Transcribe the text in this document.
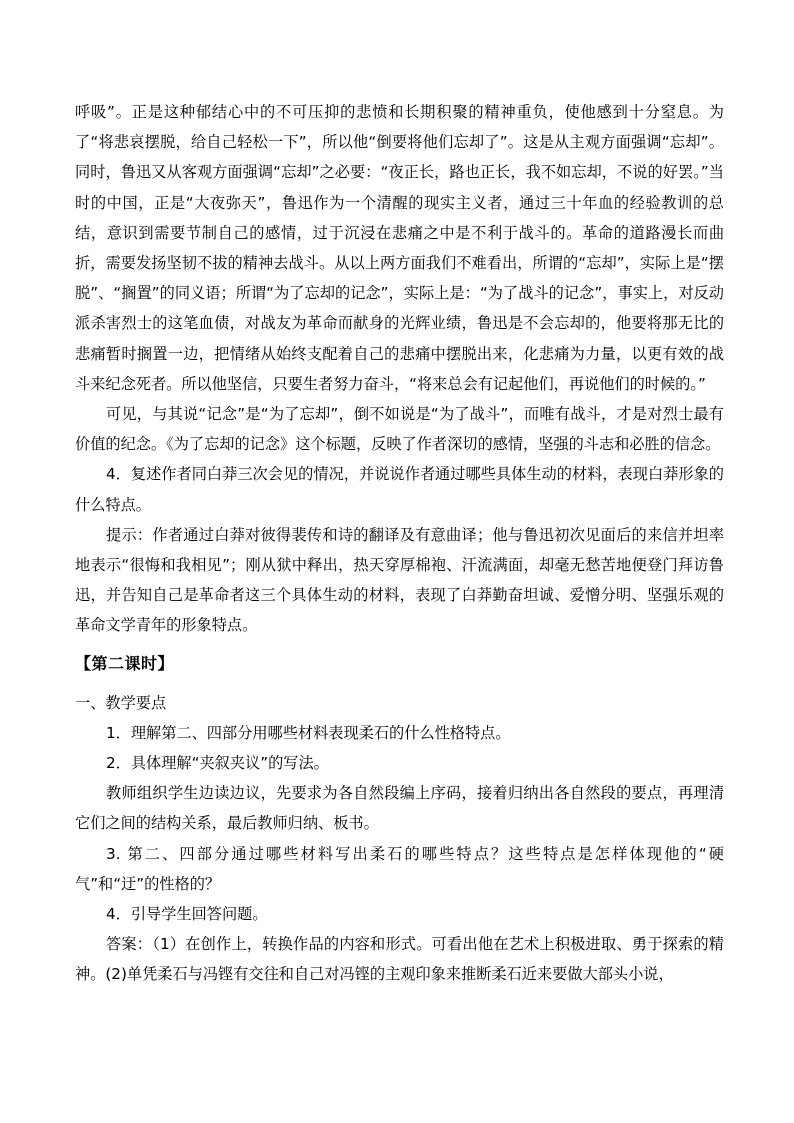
呼吸”。正是这种郁结心中的不可压抑的悲愤和长期积聚的精神重负，使他感到十分窒息。为了“将悲哀摆脱，给自己轻松一下”，所以他“倒要将他们忘却了”。这是从主观方面强调“忘却”。同时，鲁迅又从客观方面强调“忘却”之必要：“夜正长，路也正长，我不如忘却，不说的好罢。”当时的中国，正是“大夜弥天”，鲁迅作为一个清醒的现实主义者，通过三十年血的经验教训的总结，意识到需要节制自己的感情，过于沉浸在悲痛之中是不利于战斗的。革命的道路漫长而曲折，需要发扬坚韧不拔的精神去战斗。从以上两方面我们不难看出，所谓的“忘却”，实际上是“摆脱”、“搁置”的同义语；所谓“为了忘却的记念”，实际上是：“为了战斗的记念”，事实上，对反动派杀害烈士的这笔血债，对战友为革命而献身的光辉业绩，鲁迅是不会忘却的，他要将那无比的悲痛暂时搁置一边，把情绪从始终支配着自己的悲痛中摆脱出来，化悲痛为力量，以更有效的战斗来纪念死者。所以他坚信，只要生者努力奋斗，“将来总会有记起他们，再说他们的时候的。”

可见，与其说“记念”是“为了忘却”，倒不如说是“为了战斗”，而唯有战斗，才是对烈士最有价值的纪念。《为了忘却的记念》这个标题，反映了作者深切的感情，坚强的斗志和必胜的信念。

4．复述作者同白莽三次会见的情况，并说说作者通过哪些具体生动的材料，表现白莽形象的什么特点。

提示：作者通过白莽对彼得裴传和诗的翻译及有意曲译；他与鲁迅初次见面后的来信并坦率地表示“很悔和我相见”；刚从狱中释出，热天穿厚棉袍、汗流满面，却毫无愁苦地便登门拜访鲁迅，并告知自己是革命者这三个具体生动的材料，表现了白莽勤奋坦诚、爱憎分明、坚强乐观的革命文学青年的形象特点。

【第二课时】

一、教学要点

1．理解第二、四部分用哪些材料表现柔石的什么性格特点。

2．具体理解“夹叙夹议”的写法。

教师组织学生边读边议，先要求为各自然段编上序码，接着归纳出各自然段的要点，再理清它们之间的结构关系，最后教师归纳、板书。

3. 第二、四部分通过哪些材料写出柔石的哪些特点？这些特点是怎样体现他的“硬气”和“迂”的性格的？

4．引导学生回答问题。

答案：（1）在创作上，转换作品的内容和形式。可看出他在艺术上积极进取、勇于探索的精神。(2)单凭柔石与冯铿有交往和自己对冯铿的主观印象来推断柔石近来要做大部头小说，
